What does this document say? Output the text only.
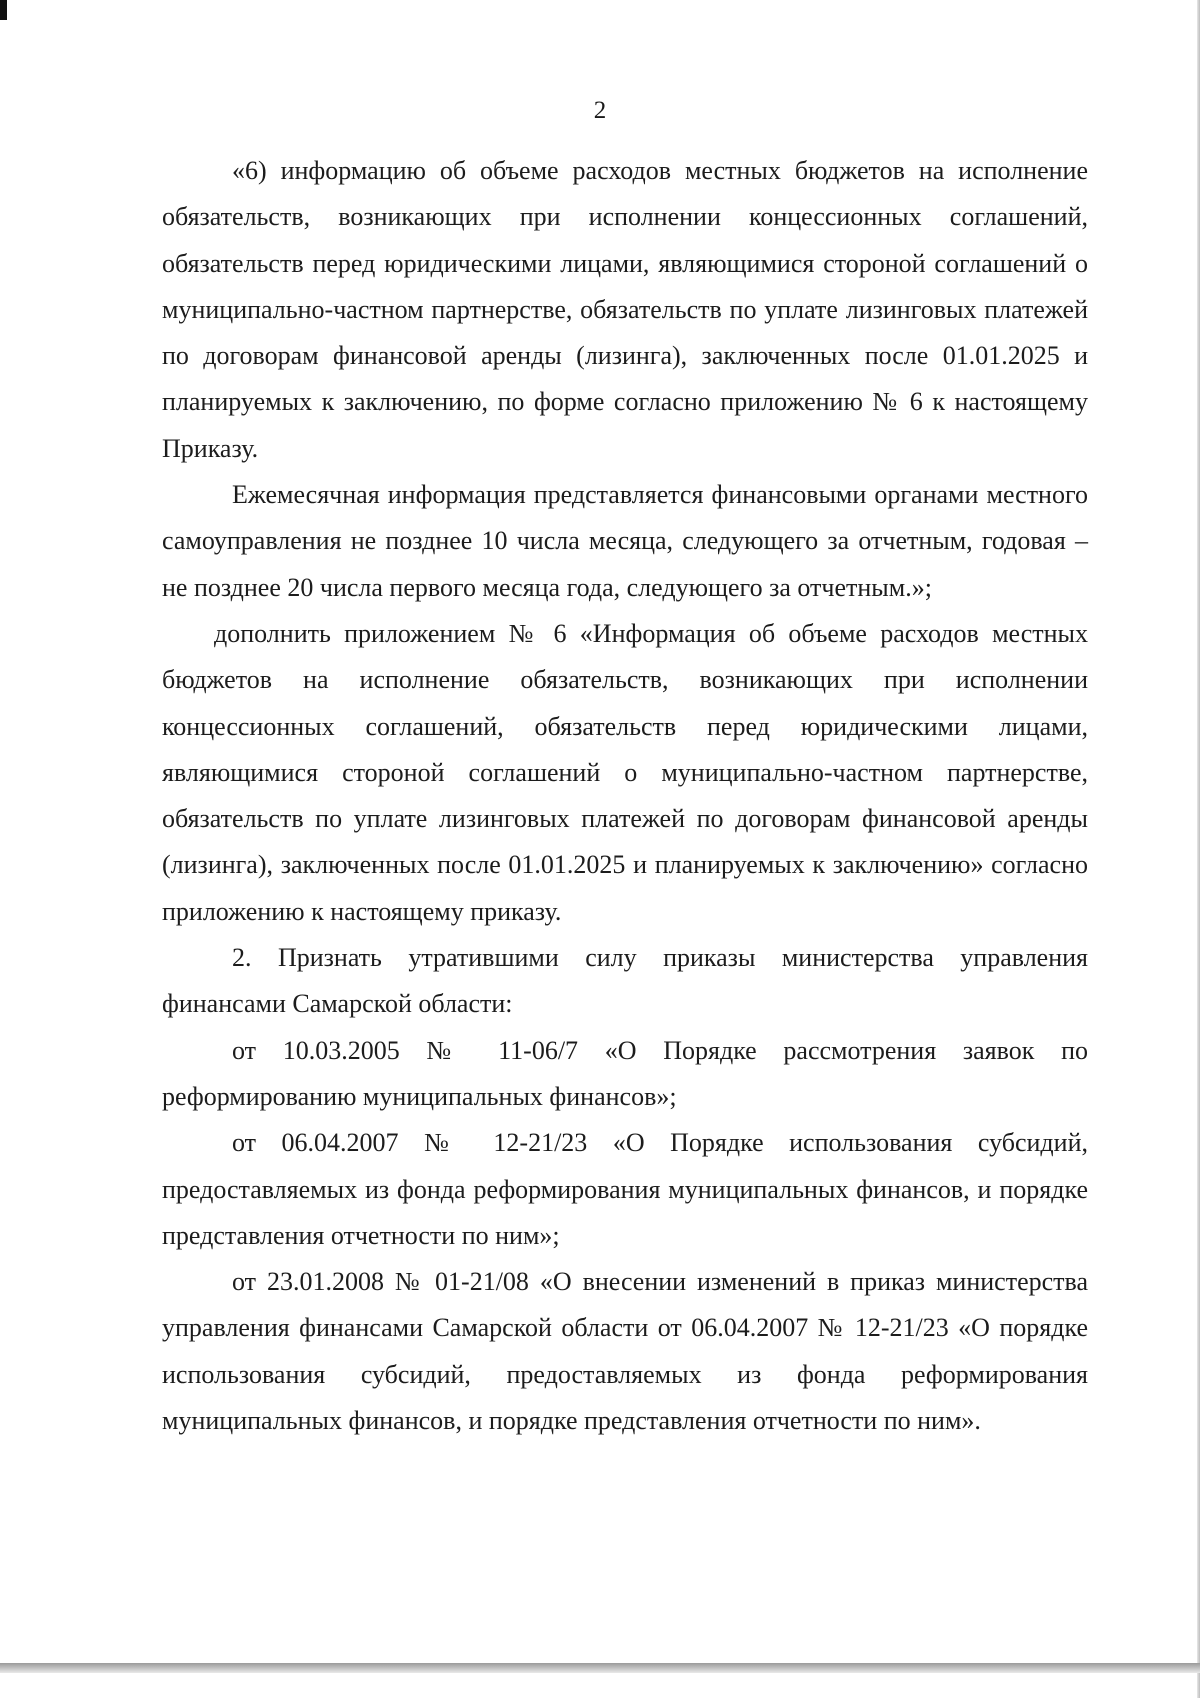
2

«6) информацию об объеме расходов местных бюджетов на исполнение обязательств, возникающих при исполнении концессионных соглашений, обязательств перед юридическими лицами, являющимися стороной соглашений о муниципально-частном партнерстве, обязательств по уплате лизинговых платежей по договорам финансовой аренды (лизинга), заключенных после 01.01.2025 и планируемых к заключению, по форме согласно приложению № 6 к настоящему Приказу.

Ежемесячная информация представляется финансовыми органами местного самоуправления не позднее 10 числа месяца, следующего за отчетным, годовая – не позднее 20 числа первого месяца года, следующего за отчетным.»;

дополнить приложением № 6 «Информация об объеме расходов местных бюджетов на исполнение обязательств, возникающих при исполнении концессионных соглашений, обязательств перед юридическими лицами, являющимися стороной соглашений о муниципально-частном партнерстве, обязательств по уплате лизинговых платежей по договорам финансовой аренды (лизинга), заключенных после 01.01.2025 и планируемых к заключению» согласно приложению к настоящему приказу.

2. Признать утратившими силу приказы министерства управления финансами Самарской области:

от 10.03.2005 № 11-06/7 «О Порядке рассмотрения заявок по реформированию муниципальных финансов»;

от 06.04.2007 № 12-21/23 «О Порядке использования субсидий, предоставляемых из фонда реформирования муниципальных финансов, и порядке представления отчетности по ним»;

от 23.01.2008 № 01-21/08 «О внесении изменений в приказ министерства управления финансами Самарской области от 06.04.2007 № 12-21/23 «О порядке использования субсидий, предоставляемых из фонда реформирования муниципальных финансов, и порядке представления отчетности по ним».
